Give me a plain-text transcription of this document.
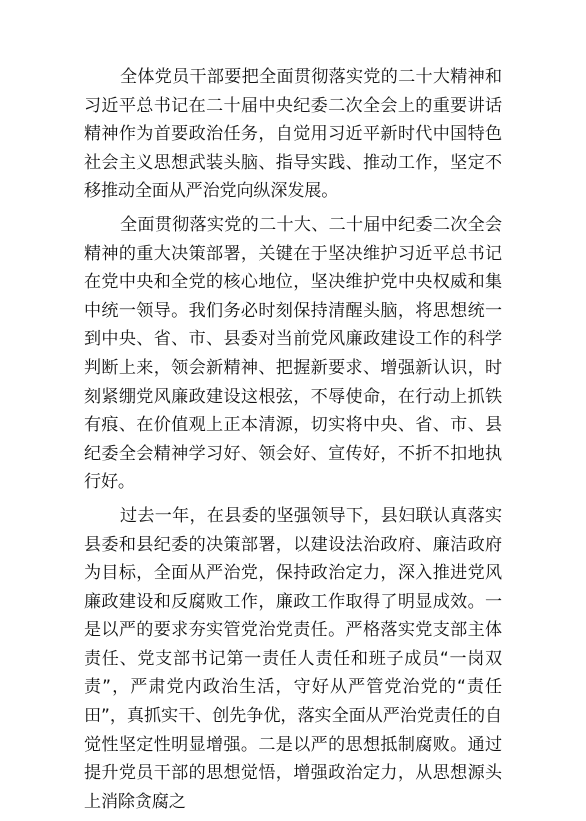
全体党员干部要把全面贯彻落实党的二十大精神和习近平总书记在二十届中央纪委二次全会上的重要讲话精神作为首要政治任务，自觉用习近平新时代中国特色社会主义思想武装头脑、指导实践、推动工作，坚定不移推动全面从严治党向纵深发展。

全面贯彻落实党的二十大、二十届中纪委二次全会精神的重大决策部署，关键在于坚决维护习近平总书记在党中央和全党的核心地位，坚决维护党中央权威和集中统一领导。我们务必时刻保持清醒头脑，将思想统一到中央、省、市、县委对当前党风廉政建设工作的科学判断上来，领会新精神、把握新要求、增强新认识，时刻紧绷党风廉政建设这根弦，不辱使命，在行动上抓铁有痕、在价值观上正本清源，切实将中央、省、市、县纪委全会精神学习好、领会好、宣传好，不折不扣地执行好。

过去一年，在县委的坚强领导下，县妇联认真落实县委和县纪委的决策部署，以建设法治政府、廉洁政府为目标，全面从严治党，保持政治定力，深入推进党风廉政建设和反腐败工作，廉政工作取得了明显成效。一是以严的要求夯实管党治党责任。严格落实党支部主体责任、党支部书记第一责任人责任和班子成员“一岗双责”，严肃党内政治生活，守好从严管党治党的“责任田”，真抓实干、创先争优，落实全面从严治党责任的自觉性坚定性明显增强。二是以严的思想抵制腐败。通过提升党员干部的思想觉悟，增强政治定力，从思想源头上消除贪腐之
